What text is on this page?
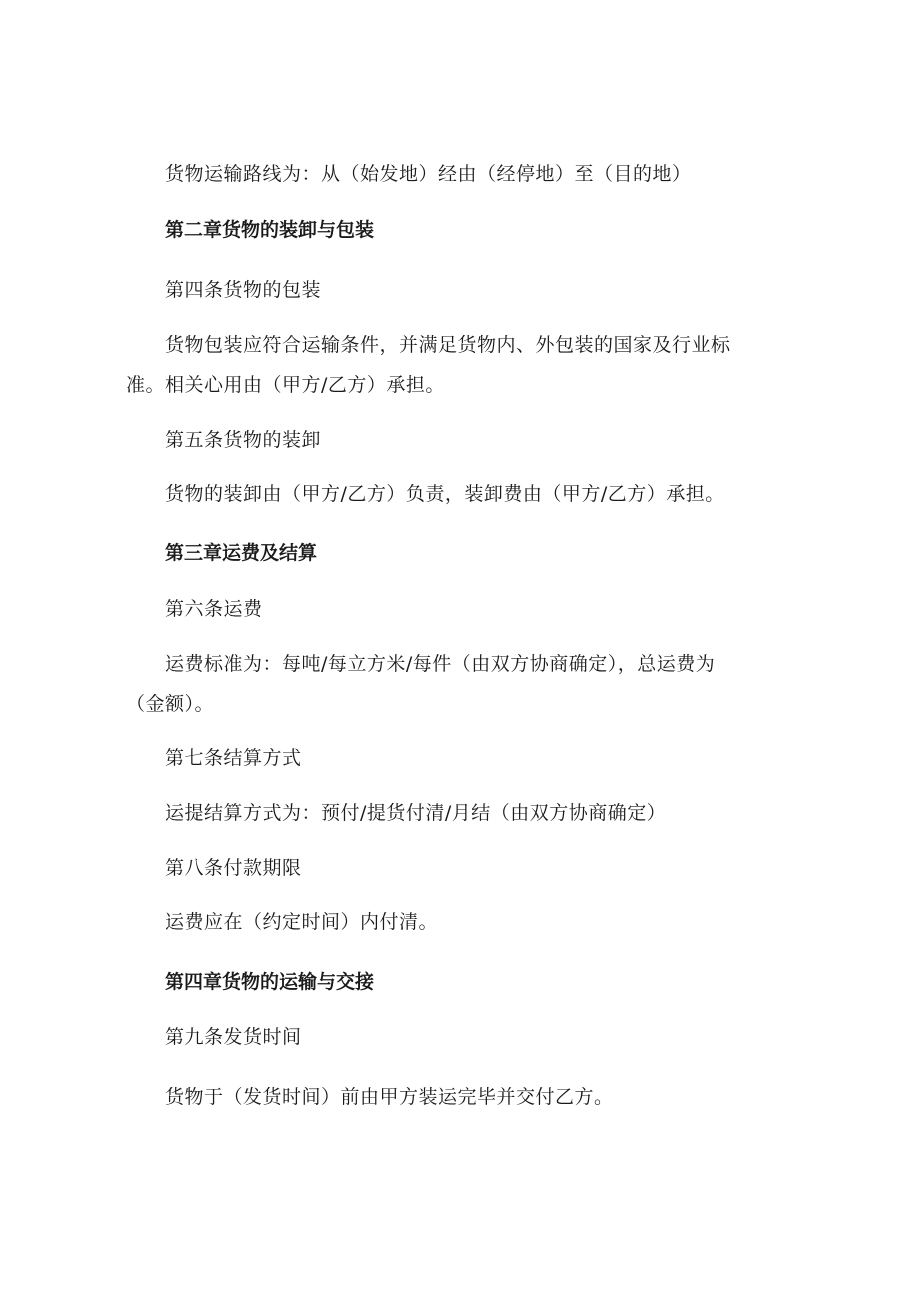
货物运输路线为：从（始发地）经由（经停地）至（目的地）
第二章货物的装卸与包装
第四条货物的包装
货物包装应符合运输条件，并满足货物内、外包装的国家及行业标
准。相关心用由（甲方/乙方）承担。
第五条货物的装卸
货物的装卸由（甲方/乙方）负责，装卸费由（甲方/乙方）承担。
第三章运费及结算
第六条运费
运费标准为：每吨/每立方米/每件（由双方协商确定），总运费为
（金额）。
第七条结算方式
运提结算方式为：预付/提货付清/月结（由双方协商确定）
第八条付款期限
运费应在（约定时间）内付清。
第四章货物的运输与交接
第九条发货时间
货物于（发货时间）前由甲方装运完毕并交付乙方。
